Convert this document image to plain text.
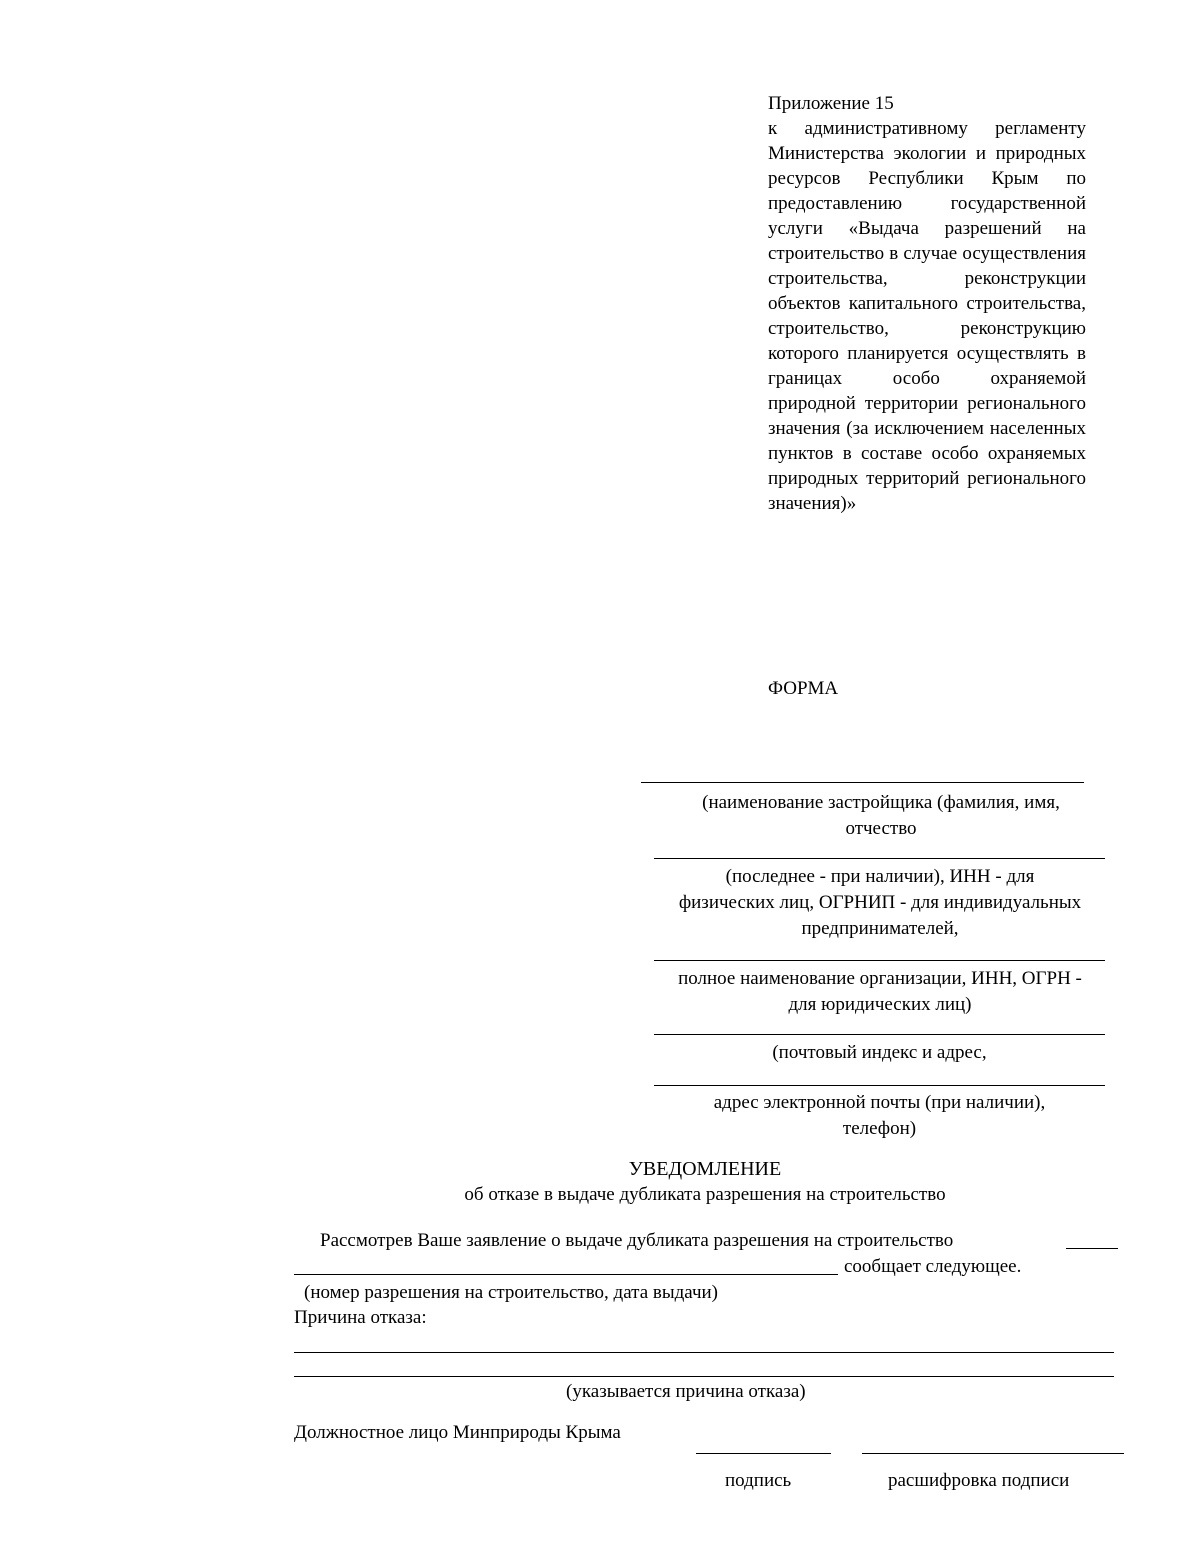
Приложение 15
к административному регламенту Министерства экологии и природных ресурсов Республики Крым по предоставлению государственной услуги «Выдача разрешений на строительство в случае осуществления строительства, реконструкции объектов капитального строительства, строительство, реконструкцию которого планируется осуществлять в границах особо охраняемой природной территории регионального значения (за исключением населенных пунктов в составе особо охраняемых природных территорий регионального значения)»
ФОРМА
(наименование застройщика (фамилия, имя,
отчество
(последнее - при наличии), ИНН - для
физических лиц, ОГРНИП - для индивидуальных
предпринимателей,
полное наименование организации, ИНН, ОГРН -
для юридических лиц)
(почтовый индекс и адрес,
адрес электронной почты (при наличии),
телефон)
УВЕДОМЛЕНИЕ
об отказе в выдаче дубликата разрешения на строительство
Рассмотрев Ваше заявление о выдаче дубликата разрешения на строительство
сообщает следующее.
(номер разрешения на строительство, дата выдачи)
Причина отказа:
(указывается причина отказа)
Должностное лицо Минприроды Крыма
подпись	расшифровка подписи
